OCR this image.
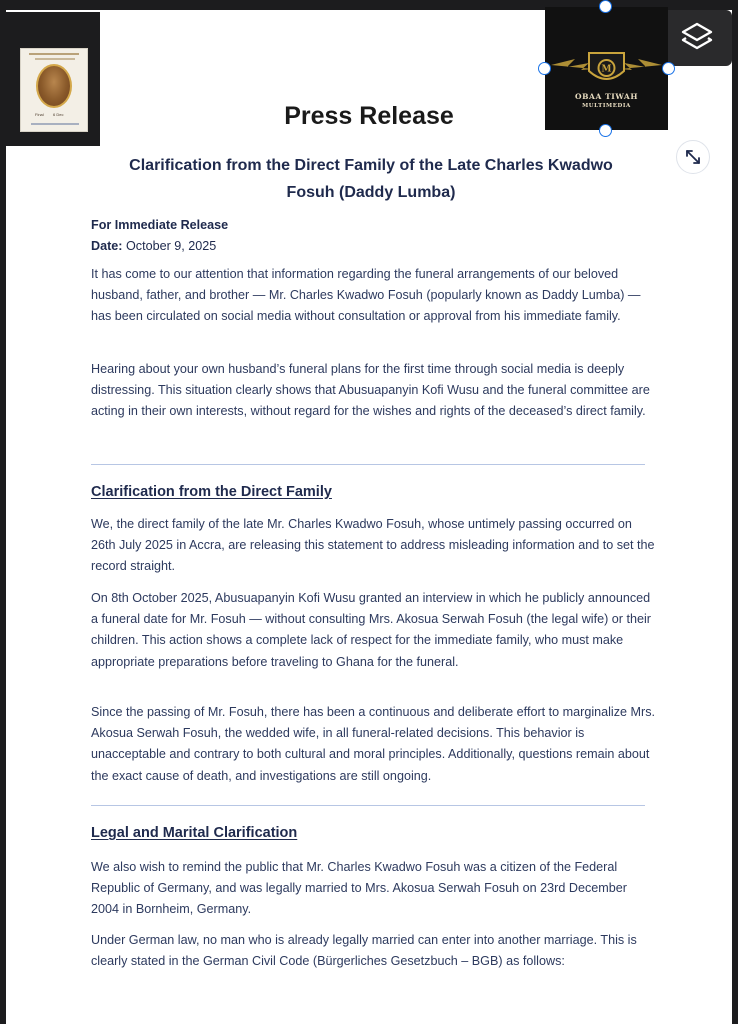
Press Release
Clarification from the Direct Family of the Late Charles Kwadwo
Fosuh (Daddy Lumba)
For Immediate Release
Date: October 9, 2025
It has come to our attention that information regarding the funeral arrangements of our beloved husband, father, and brother — Mr. Charles Kwadwo Fosuh (popularly known as Daddy Lumba) — has been circulated on social media without consultation or approval from his immediate family.
Hearing about your own husband’s funeral plans for the first time through social media is deeply distressing. This situation clearly shows that Abusuapanyin Kofi Wusu and the funeral committee are acting in their own interests, without regard for the wishes and rights of the deceased’s direct family.
Clarification from the Direct Family
We, the direct family of the late Mr. Charles Kwadwo Fosuh, whose untimely passing occurred on 26th July 2025 in Accra, are releasing this statement to address misleading information and to set the record straight.
On 8th October 2025, Abusuapanyin Kofi Wusu granted an interview in which he publicly announced a funeral date for Mr. Fosuh — without consulting Mrs. Akosua Serwah Fosuh (the legal wife) or their children. This action shows a complete lack of respect for the immediate family, who must make appropriate preparations before traveling to Ghana for the funeral.
Since the passing of Mr. Fosuh, there has been a continuous and deliberate effort to marginalize Mrs. Akosua Serwah Fosuh, the wedded wife, in all funeral-related decisions. This behavior is unacceptable and contrary to both cultural and moral principles. Additionally, questions remain about the exact cause of death, and investigations are still ongoing.
Legal and Marital Clarification
We also wish to remind the public that Mr. Charles Kwadwo Fosuh was a citizen of the Federal Republic of Germany, and was legally married to Mrs. Akosua Serwah Fosuh on 23rd December 2004 in Bornheim, Germany.
Under German law, no man who is already legally married can enter into another marriage. This is clearly stated in the German Civil Code (Bürgerliches Gesetzbuch – BGB) as follows:
Final 6 Dec
M
OBAA TIWAH
MULTIMEDIA
